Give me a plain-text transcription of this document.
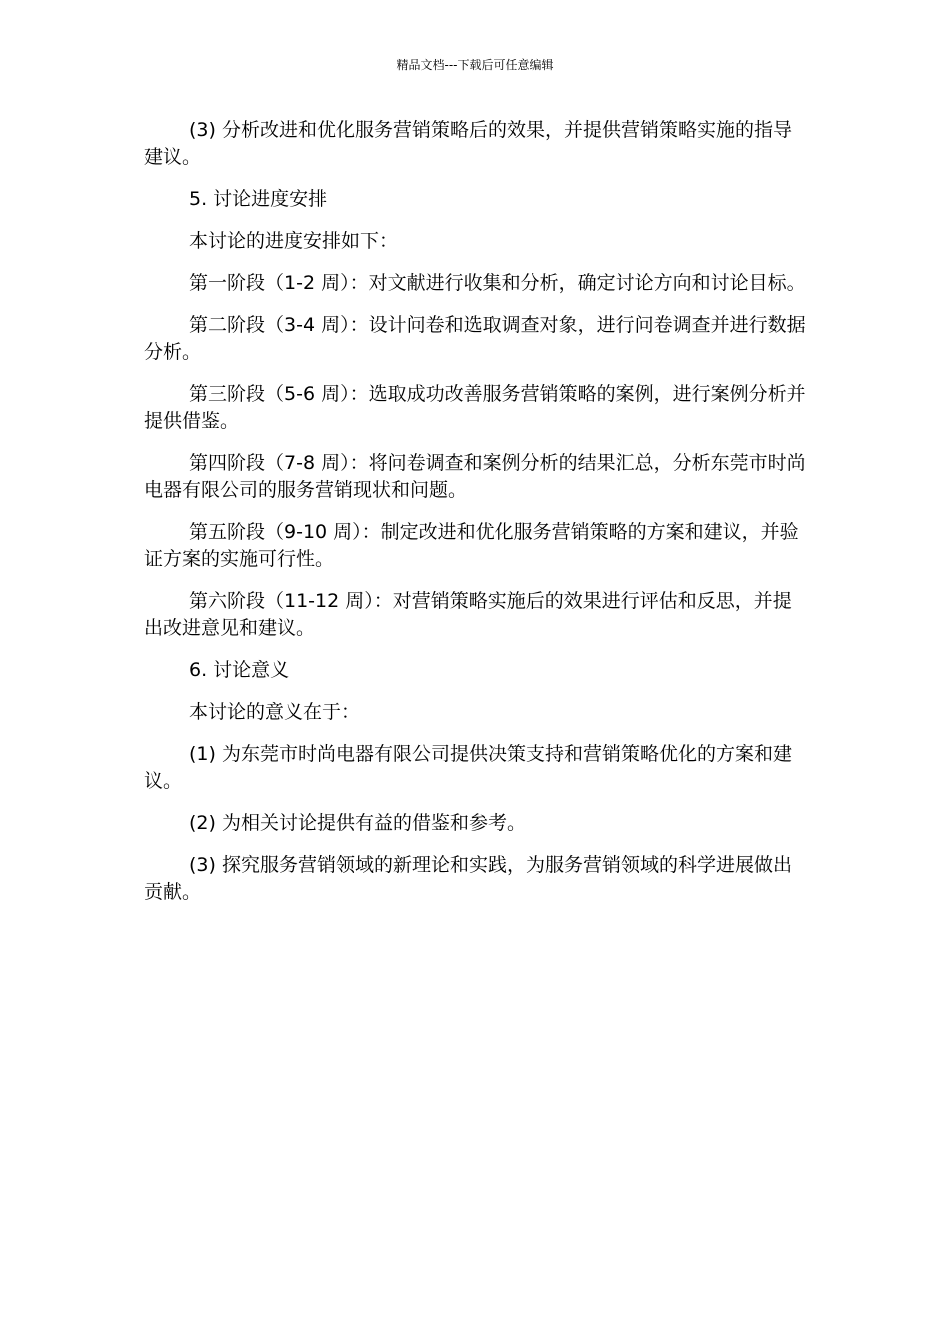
精品文档---下载后可任意编辑

(3) 分析改进和优化服务营销策略后的效果，并提供营销策略实施的指导建议。

5. 讨论进度安排

本讨论的进度安排如下：

第一阶段（1-2 周）：对文献进行收集和分析，确定讨论方向和讨论目标。

第二阶段（3-4 周）：设计问卷和选取调查对象，进行问卷调查并进行数据分析。

第三阶段（5-6 周）：选取成功改善服务营销策略的案例，进行案例分析并提供借鉴。

第四阶段（7-8 周）：将问卷调查和案例分析的结果汇总，分析东莞市时尚电器有限公司的服务营销现状和问题。

第五阶段（9-10 周）：制定改进和优化服务营销策略的方案和建议，并验证方案的实施可行性。

第六阶段（11-12 周）：对营销策略实施后的效果进行评估和反思，并提出改进意见和建议。

6. 讨论意义

本讨论的意义在于：

(1) 为东莞市时尚电器有限公司提供决策支持和营销策略优化的方案和建议。

(2) 为相关讨论提供有益的借鉴和参考。

(3) 探究服务营销领域的新理论和实践，为服务营销领域的科学进展做出贡献。
